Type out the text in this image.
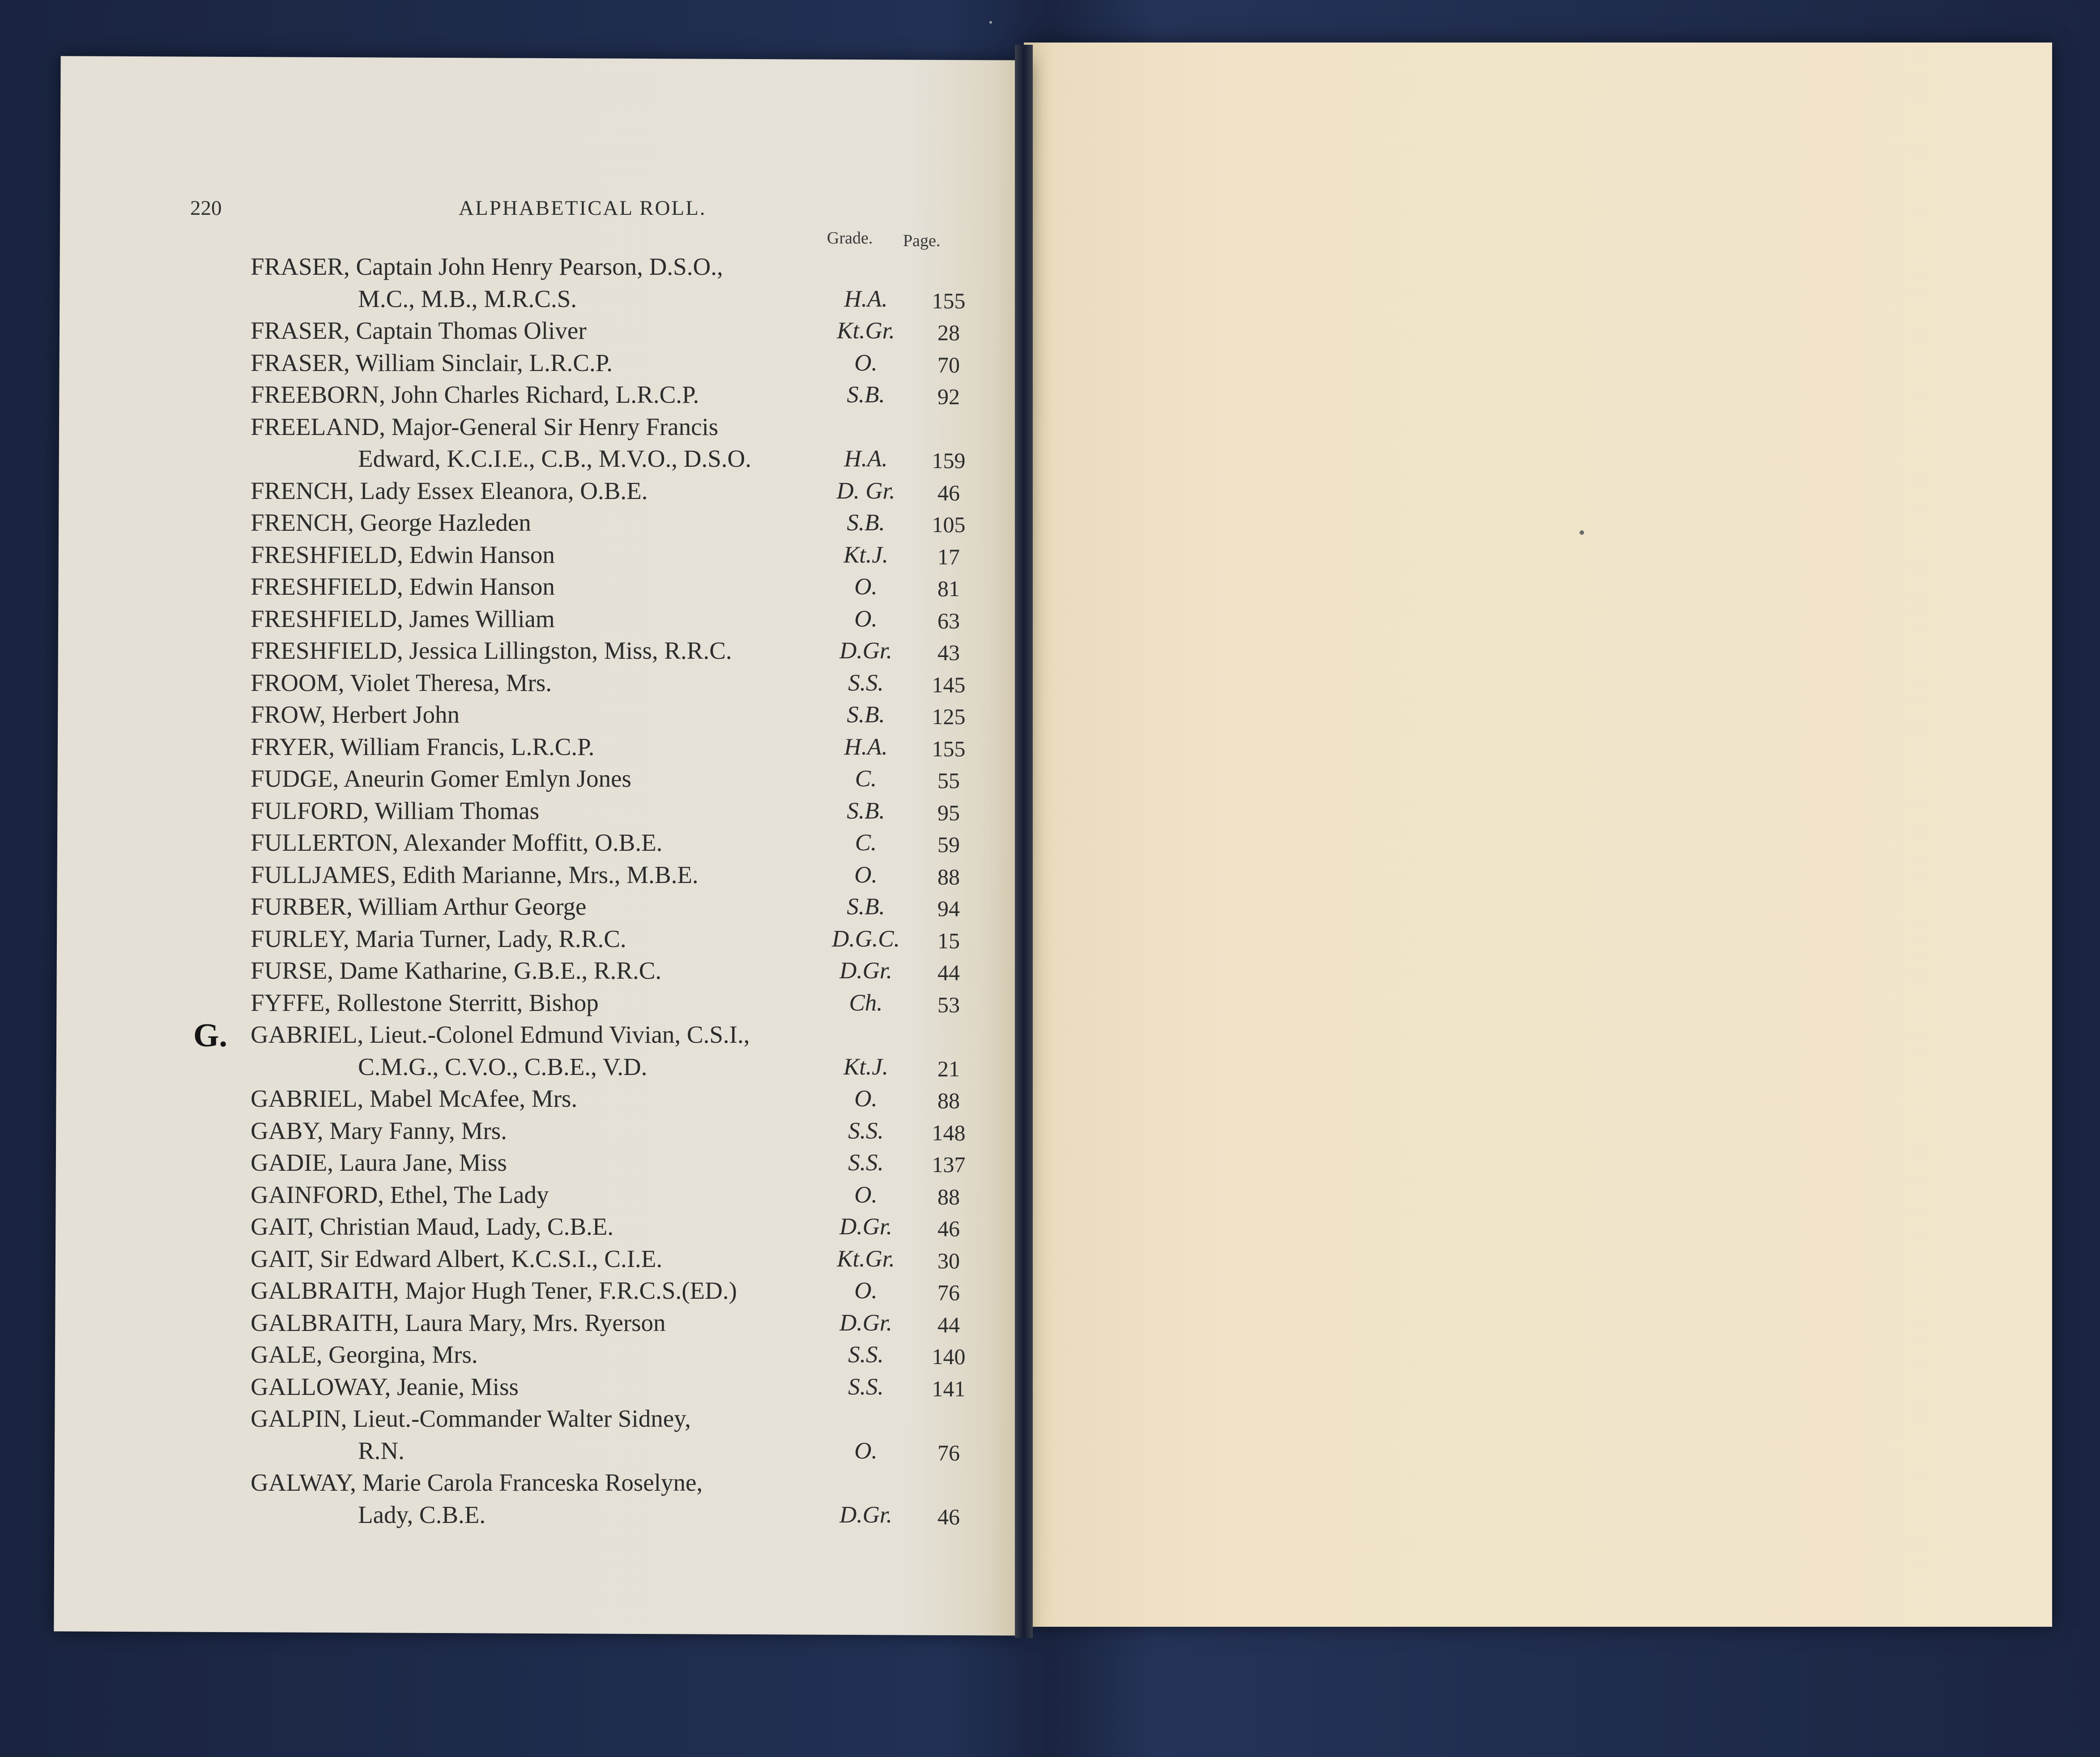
220	ALPHABETICAL ROLL.
Grade. Page.
G.
FRASER, Captain John Henry Pearson, D.S.O.,
M.C., M.B., M.R.C.S.	H.A.	155
FRASER, Captain Thomas Oliver	Kt.Gr.	28
FRASER, William Sinclair, L.R.C.P.	O.	70
FREEBORN, John Charles Richard, L.R.C.P.	S.B.	92
FREELAND, Major-General Sir Henry Francis
Edward, K.C.I.E., C.B., M.V.O., D.S.O.	H.A.	159
FRENCH, Lady Essex Eleanora, O.B.E.	D. Gr.	46
FRENCH, George Hazleden	S.B.	105
FRESHFIELD, Edwin Hanson	Kt.J.	17
FRESHFIELD, Edwin Hanson	O.	81
FRESHFIELD, James William	O.	63
FRESHFIELD, Jessica Lillingston, Miss, R.R.C.	D.Gr.	43
FROOM, Violet Theresa, Mrs.	S.S.	145
FROW, Herbert John	S.B.	125
FRYER, William Francis, L.R.C.P.	H.A.	155
FUDGE, Aneurin Gomer Emlyn Jones	C.	55
FULFORD, William Thomas	S.B.	95
FULLERTON, Alexander Moffitt, O.B.E.	C.	59
FULLJAMES, Edith Marianne, Mrs., M.B.E.	O.	88
FURBER, William Arthur George	S.B.	94
FURLEY, Maria Turner, Lady, R.R.C.	D.G.C.	15
FURSE, Dame Katharine, G.B.E., R.R.C.	D.Gr.	44
FYFFE, Rollestone Sterritt, Bishop	Ch.	53
GABRIEL, Lieut.-Colonel Edmund Vivian, C.S.I.,
C.M.G., C.V.O., C.B.E., V.D.	Kt.J.	21
GABRIEL, Mabel McAfee, Mrs.	O.	88
GABY, Mary Fanny, Mrs.	S.S.	148
GADIE, Laura Jane, Miss	S.S.	137
GAINFORD, Ethel, The Lady	O.	88
GAIT, Christian Maud, Lady, C.B.E.	D.Gr.	46
GAIT, Sir Edward Albert, K.C.S.I., C.I.E.	Kt.Gr.	30
GALBRAITH, Major Hugh Tener, F.R.C.S.(ED.)	O.	76
GALBRAITH, Laura Mary, Mrs. Ryerson	D.Gr.	44
GALE, Georgina, Mrs.	S.S.	140
GALLOWAY, Jeanie, Miss	S.S.	141
GALPIN, Lieut.-Commander Walter Sidney,
R.N.	O.	76
GALWAY, Marie Carola Franceska Roselyne,
Lady, C.B.E.	D.Gr.	46
